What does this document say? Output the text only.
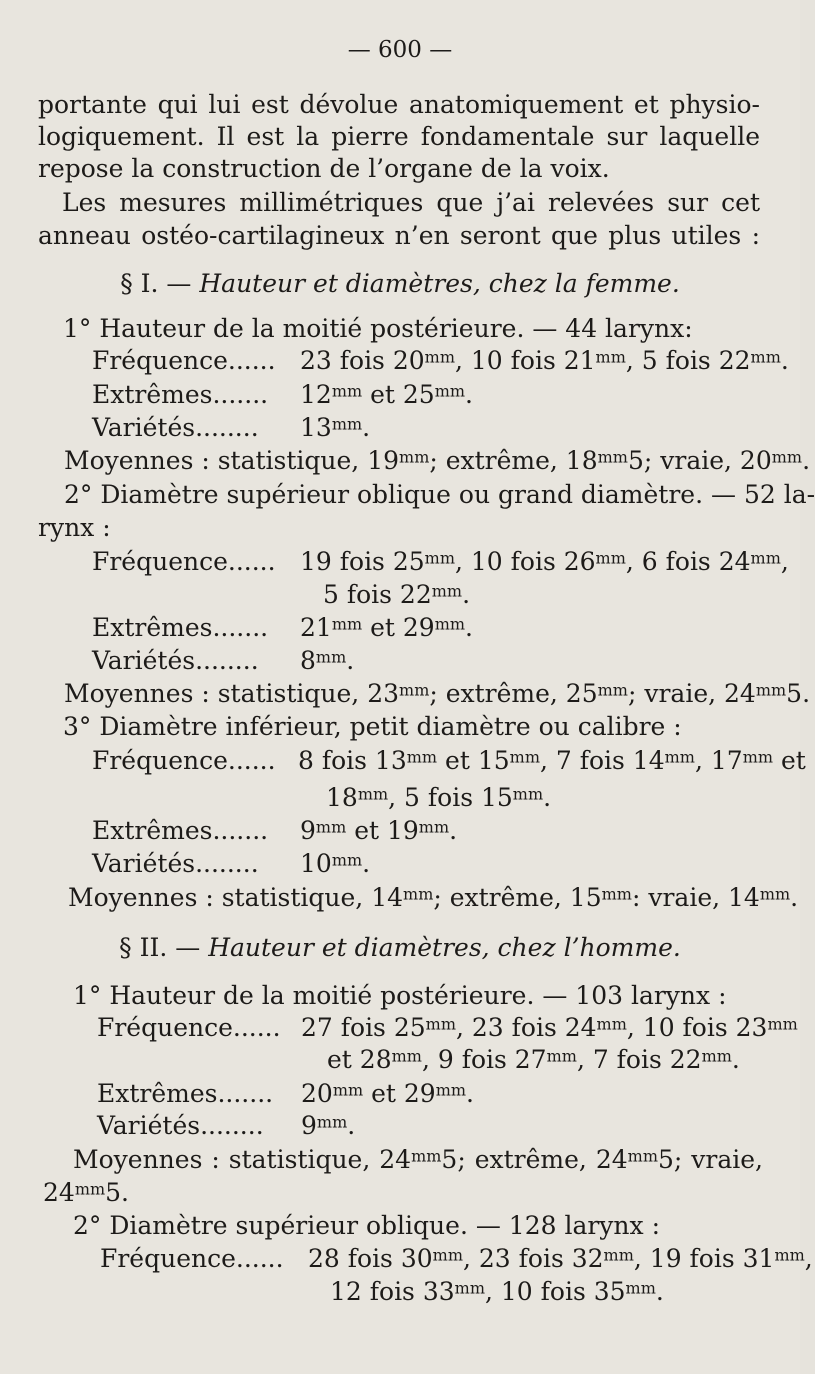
— 600 —
portante qui lui est dévolue anatomiquement et physio-
logiquement. Il est la pierre fondamentale sur laquelle
repose la construction de l’organe de la voix.
Les mesures millimétriques que j’ai relevées sur cet
anneau ostéo-cartilagineux n’en seront que plus utiles :
§ I. — Hauteur et diamètres, chez la femme.
1° Hauteur de la moitié postérieure. — 44 larynx:
Fréquence...... 23 fois $20^{mm}$, 10 fois $21^{mm}$, 5 fois $22^{mm}$.
Extrêmes....... $12^{mm}$ et $25^{mm}$.
Variétés........ $13^{mm}$.
Moyennes : statistique, $19^{mm}$; extrême, $18^{mm}5$; vraie, $20^{mm}$.
2° Diamètre supérieur oblique ou grand diamètre. — 52 la-
rynx :
Fréquence...... 19 fois $25^{mm}$, 10 fois $26^{mm}$, 6 fois $24^{mm}$,
5 fois $22^{mm}$.
Extrêmes....... $21^{mm}$ et $29^{mm}$.
Variétés........ $8^{mm}$.
Moyennes : statistique, $23^{mm}$; extrême, $25^{mm}$; vraie, $24^{mm}5$.
3° Diamètre inférieur, petit diamètre ou calibre :
Fréquence...... 8 fois $13^{mm}$ et $15^{mm}$, 7 fois $14^{mm}$, $17^{mm}$ et
$18^{mm}$, 5 fois $15^{mm}$.
Extrêmes....... $9^{mm}$ et $19^{mm}$.
Variétés........ $10^{mm}$.
Moyennes : statistique, $14^{mm}$; extrême, $15^{mm}$: vraie, $14^{mm}$.
§ II. — Hauteur et diamètres, chez l’homme.
1° Hauteur de la moitié postérieure. — 103 larynx :
Fréquence...... 27 fois $25^{mm}$, 23 fois $24^{mm}$, 10 fois $23^{mm}$
et $28^{mm}$, 9 fois $27^{mm}$, 7 fois $22^{mm}$.
Extrêmes....... $20^{mm}$ et $29^{mm}$.
Variétés........ $9^{mm}$.
Moyennes : statistique, $24^{mm}5$; extrême, $24^{mm}5$; vraie,
$24^{mm}5$.
2° Diamètre supérieur oblique. — 128 larynx :
Fréquence...... 28 fois $30^{mm}$, 23 fois $32^{mm}$, 19 fois $31^{mm}$,
12 fois $33^{mm}$, 10 fois $35^{mm}$.
